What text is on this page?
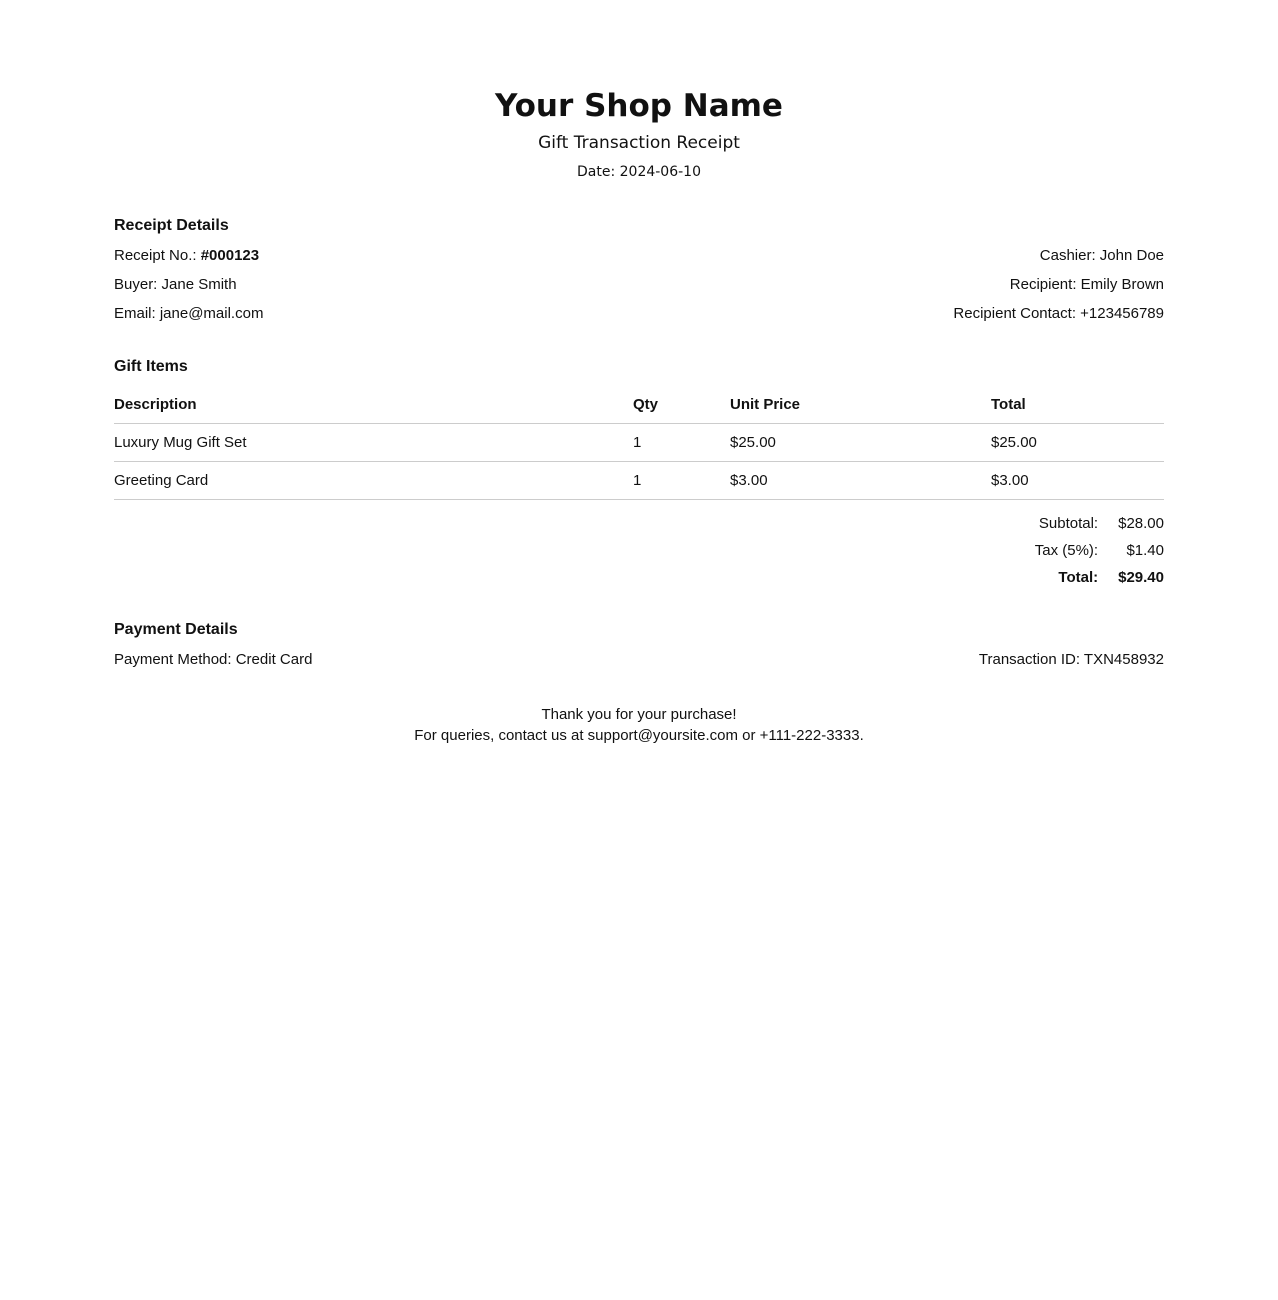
Your Shop Name
Gift Transaction Receipt
Date: 2024-06-10
Receipt Details
Receipt No.: #000123	Cashier: John Doe
Buyer: Jane Smith	Recipient: Emily Brown
Email: jane@mail.com	Recipient Contact: +123456789
Gift Items
Description	Qty	Unit Price	Total
Luxury Mug Gift Set	1	$25.00	$25.00
Greeting Card	1	$3.00	$3.00
Subtotal:	$28.00
Tax (5%):	$1.40
Total:	$29.40
Payment Details
Payment Method: Credit Card	Transaction ID: TXN458932
Thank you for your purchase!
For queries, contact us at support@yoursite.com or +111-222-3333.
